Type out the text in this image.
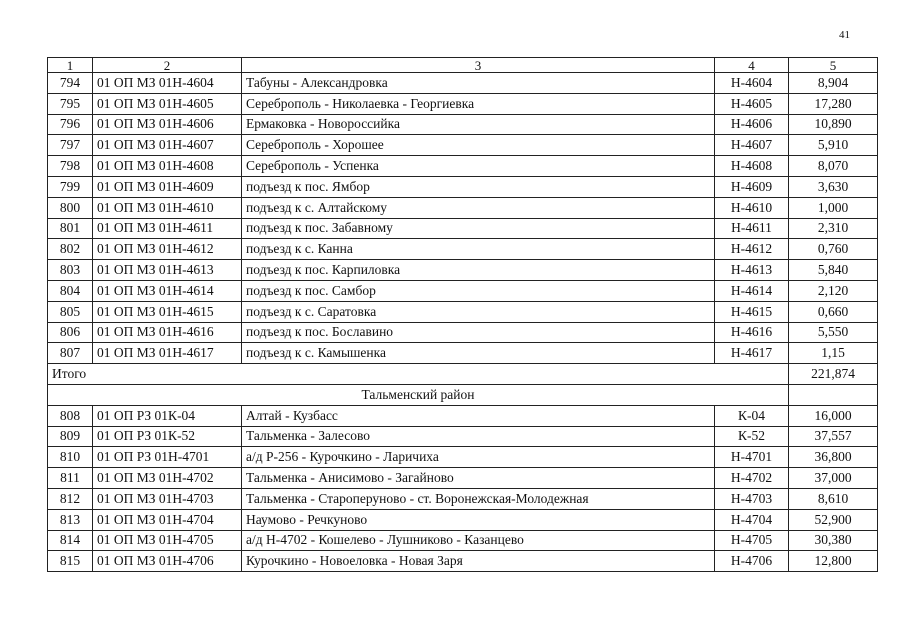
41
1	2	3	4	5
794	01 ОП МЗ 01Н-4604	Табуны - Александровка	Н-4604	8,904
795	01 ОП МЗ 01Н-4605	Сереброполь - Николаевка - Георгиевка	Н-4605	17,280
796	01 ОП МЗ 01Н-4606	Ермаковка - Новороссийка	Н-4606	10,890
797	01 ОП МЗ 01Н-4607	Сереброполь - Хорошее	Н-4607	5,910
798	01 ОП МЗ 01Н-4608	Сереброполь - Успенка	Н-4608	8,070
799	01 ОП МЗ 01Н-4609	подъезд к пос. Ямбор	Н-4609	3,630
800	01 ОП МЗ 01Н-4610	подъезд к с. Алтайскому	Н-4610	1,000
801	01 ОП МЗ 01Н-4611	подъезд к пос. Забавному	Н-4611	2,310
802	01 ОП МЗ 01Н-4612	подъезд к с. Канна	Н-4612	0,760
803	01 ОП МЗ 01Н-4613	подъезд к пос. Карпиловка	Н-4613	5,840
804	01 ОП МЗ 01Н-4614	подъезд к пос. Самбор	Н-4614	2,120
805	01 ОП МЗ 01Н-4615	подъезд к с. Саратовка	Н-4615	0,660
806	01 ОП МЗ 01Н-4616	подъезд к пос. Бославино	Н-4616	5,550
807	01 ОП МЗ 01Н-4617	подъезд к с. Камышенка	Н-4617	1,15
Итого				221,874
Тальменский район				
808	01 ОП РЗ 01К-04	Алтай - Кузбасс	К-04	16,000
809	01 ОП РЗ 01К-52	Тальменка - Залесово	К-52	37,557
810	01 ОП РЗ 01Н-4701	а/д Р-256 - Курочкино - Ларичиха	Н-4701	36,800
811	01 ОП МЗ 01Н-4702	Тальменка - Анисимово - Загайново	Н-4702	37,000
812	01 ОП МЗ 01Н-4703	Тальменка - Староперуново - ст. Воронежская-Молодежная	Н-4703	8,610
813	01 ОП МЗ 01Н-4704	Наумово - Речкуново	Н-4704	52,900
814	01 ОП МЗ 01Н-4705	а/д Н-4702 - Кошелево - Лушниково - Казанцево	Н-4705	30,380
815	01 ОП МЗ 01Н-4706	Курочкино - Новоеловка - Новая Заря	Н-4706	12,800
